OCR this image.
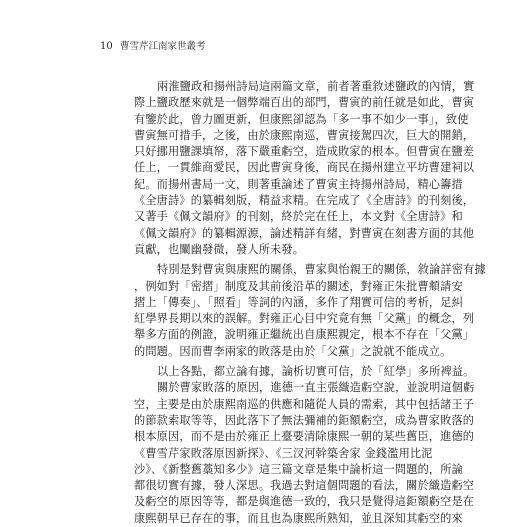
10 曹雪芹江南家世叢考
兩淮鹽政和揚州詩局這兩篇文章，前者著重敘述鹽政的內情，實
際上鹽政歷來就是一個弊端百出的部門，曹寅的前任就是如此，曹寅
有鑒於此，曾力圖更新，但康熙卻認為「多一事不如少一事」，致使
曹寅無可措手，之後，由於康熙南巡，曹寅接駕四次，巨大的開銷，
只好挪用鹽課填帑，落下嚴重虧空，造成敗家的根本。但曹寅在鹽差
任上，一貫維商愛民，因此曹寅身後，商民在揚州建立平坊曹建祠以
紀。而揚州書局一文，則著重論述了曹寅主持揚州詩局，精心籌措
《全唐詩》的纂輯刻版，精益求精。在完成了《全唐詩》的刊刻後，
又著手《佩文韻府》的刊刻，終於完在任上，本文對《全唐詩》和
《佩文韻府》的纂輯源源，論述精詳有緒，對曹寅在刻書方面的其他
貢獻，也闡幽發微，發人所未發。
特別是對曹寅與康熙的關係，曹家與怡親王的關係，敘論詳密有據
，例如對「密摺」制度及其前後沿革的關述，對雍正朱批曹頫請安
摺上「傳奏」、「照看」等詞的內涵，多作了翔實可信的考析，足糾
紅學界長期以來的誤解。對雍正心目中究竟有無「父黨」的概念，列
舉多方面的例證，說明雍正繼統出自康熙親定，根本不存在「父黨」
的問題。因而曹李兩家的敗落是由於「父黨」之說就不能成立。
以上各點，都立論有據，論析切實可信，於「紅學」多所裨益。
關於曹家敗落的原因，進德一直主張織造虧空說，並說明這個虧
空，主要是由於康熙南巡的供應和隨從人員的需索，其中包括諸王子
的節款索取等等，因此落下了無法彌補的鉅額虧空，成為曹家敗落的
根本原因，而不是由於雍正上臺要清除康熙一朝的某些舊臣，進德的
《曹雪芹家敗落原因新探》、《三汊河幹築舍家 金錢濫用比泥
沙》、《新整舊藁知多少》這三篇文章是集中論析這一問題的，所論
都很切實有據，發人深思。我過去對這個問題的看法，關於織造虧空
及虧空的原因等等，都是與進德一致的，我只是覺得這鉅額虧空是在
康熙朝早已存在的事，而且也為康熙所熟知，並且深知其虧空的來
